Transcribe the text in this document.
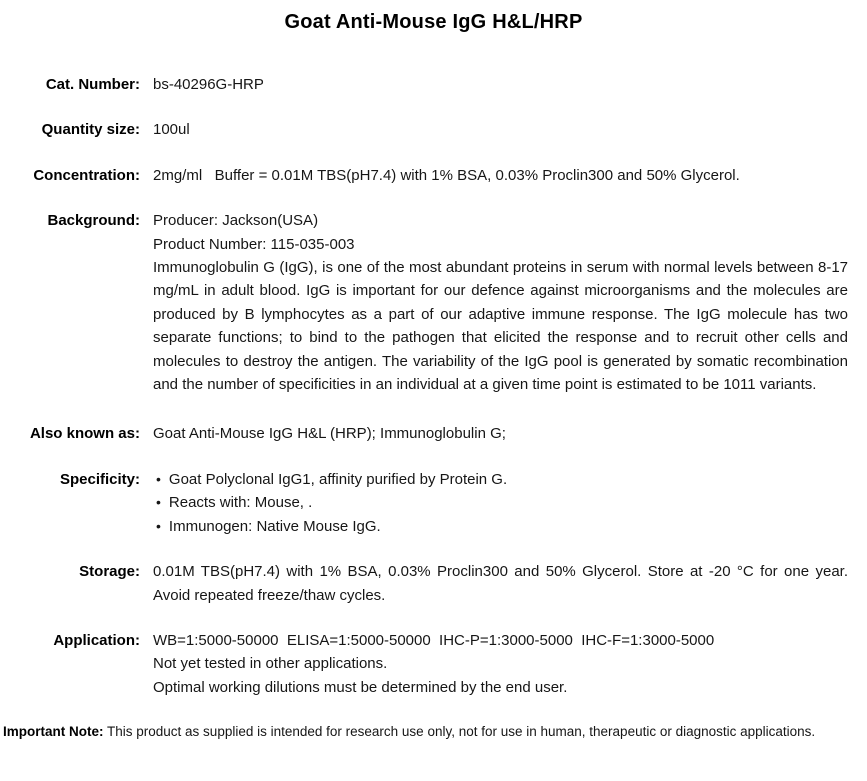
Goat Anti-Mouse IgG H&L/HRP
Cat. Number: bs-40296G-HRP
Quantity size: 100ul
Concentration: 2mg/ml   Buffer = 0.01M TBS(pH7.4) with 1% BSA, 0.03% Proclin300 and 50% Glycerol.
Background: Producer: Jackson(USA)
Product Number: 115-035-003
Immunoglobulin G (IgG), is one of the most abundant proteins in serum with normal levels between 8-17 mg/mL in adult blood. IgG is important for our defence against microorganisms and the molecules are produced by B lymphocytes as a part of our adaptive immune response. The IgG molecule has two separate functions; to bind to the pathogen that elicited the response and to recruit other cells and molecules to destroy the antigen. The variability of the IgG pool is generated by somatic recombination and the number of specificities in an individual at a given time point is estimated to be 1011 variants.
Also known as: Goat Anti-Mouse IgG H&L (HRP); Immunoglobulin G;
Specificity: • Goat Polyclonal IgG1, affinity purified by Protein G.
• Reacts with: Mouse, .
• Immunogen: Native Mouse IgG.
Storage: 0.01M TBS(pH7.4) with 1% BSA, 0.03% Proclin300 and 50% Glycerol. Store at -20 °C for one year. Avoid repeated freeze/thaw cycles.
Application: WB=1:5000-50000  ELISA=1:5000-50000  IHC-P=1:3000-5000  IHC-F=1:3000-5000
Not yet tested in other applications.
Optimal working dilutions must be determined by the end user.
Important Note: This product as supplied is intended for research use only, not for use in human, therapeutic or diagnostic applications.
